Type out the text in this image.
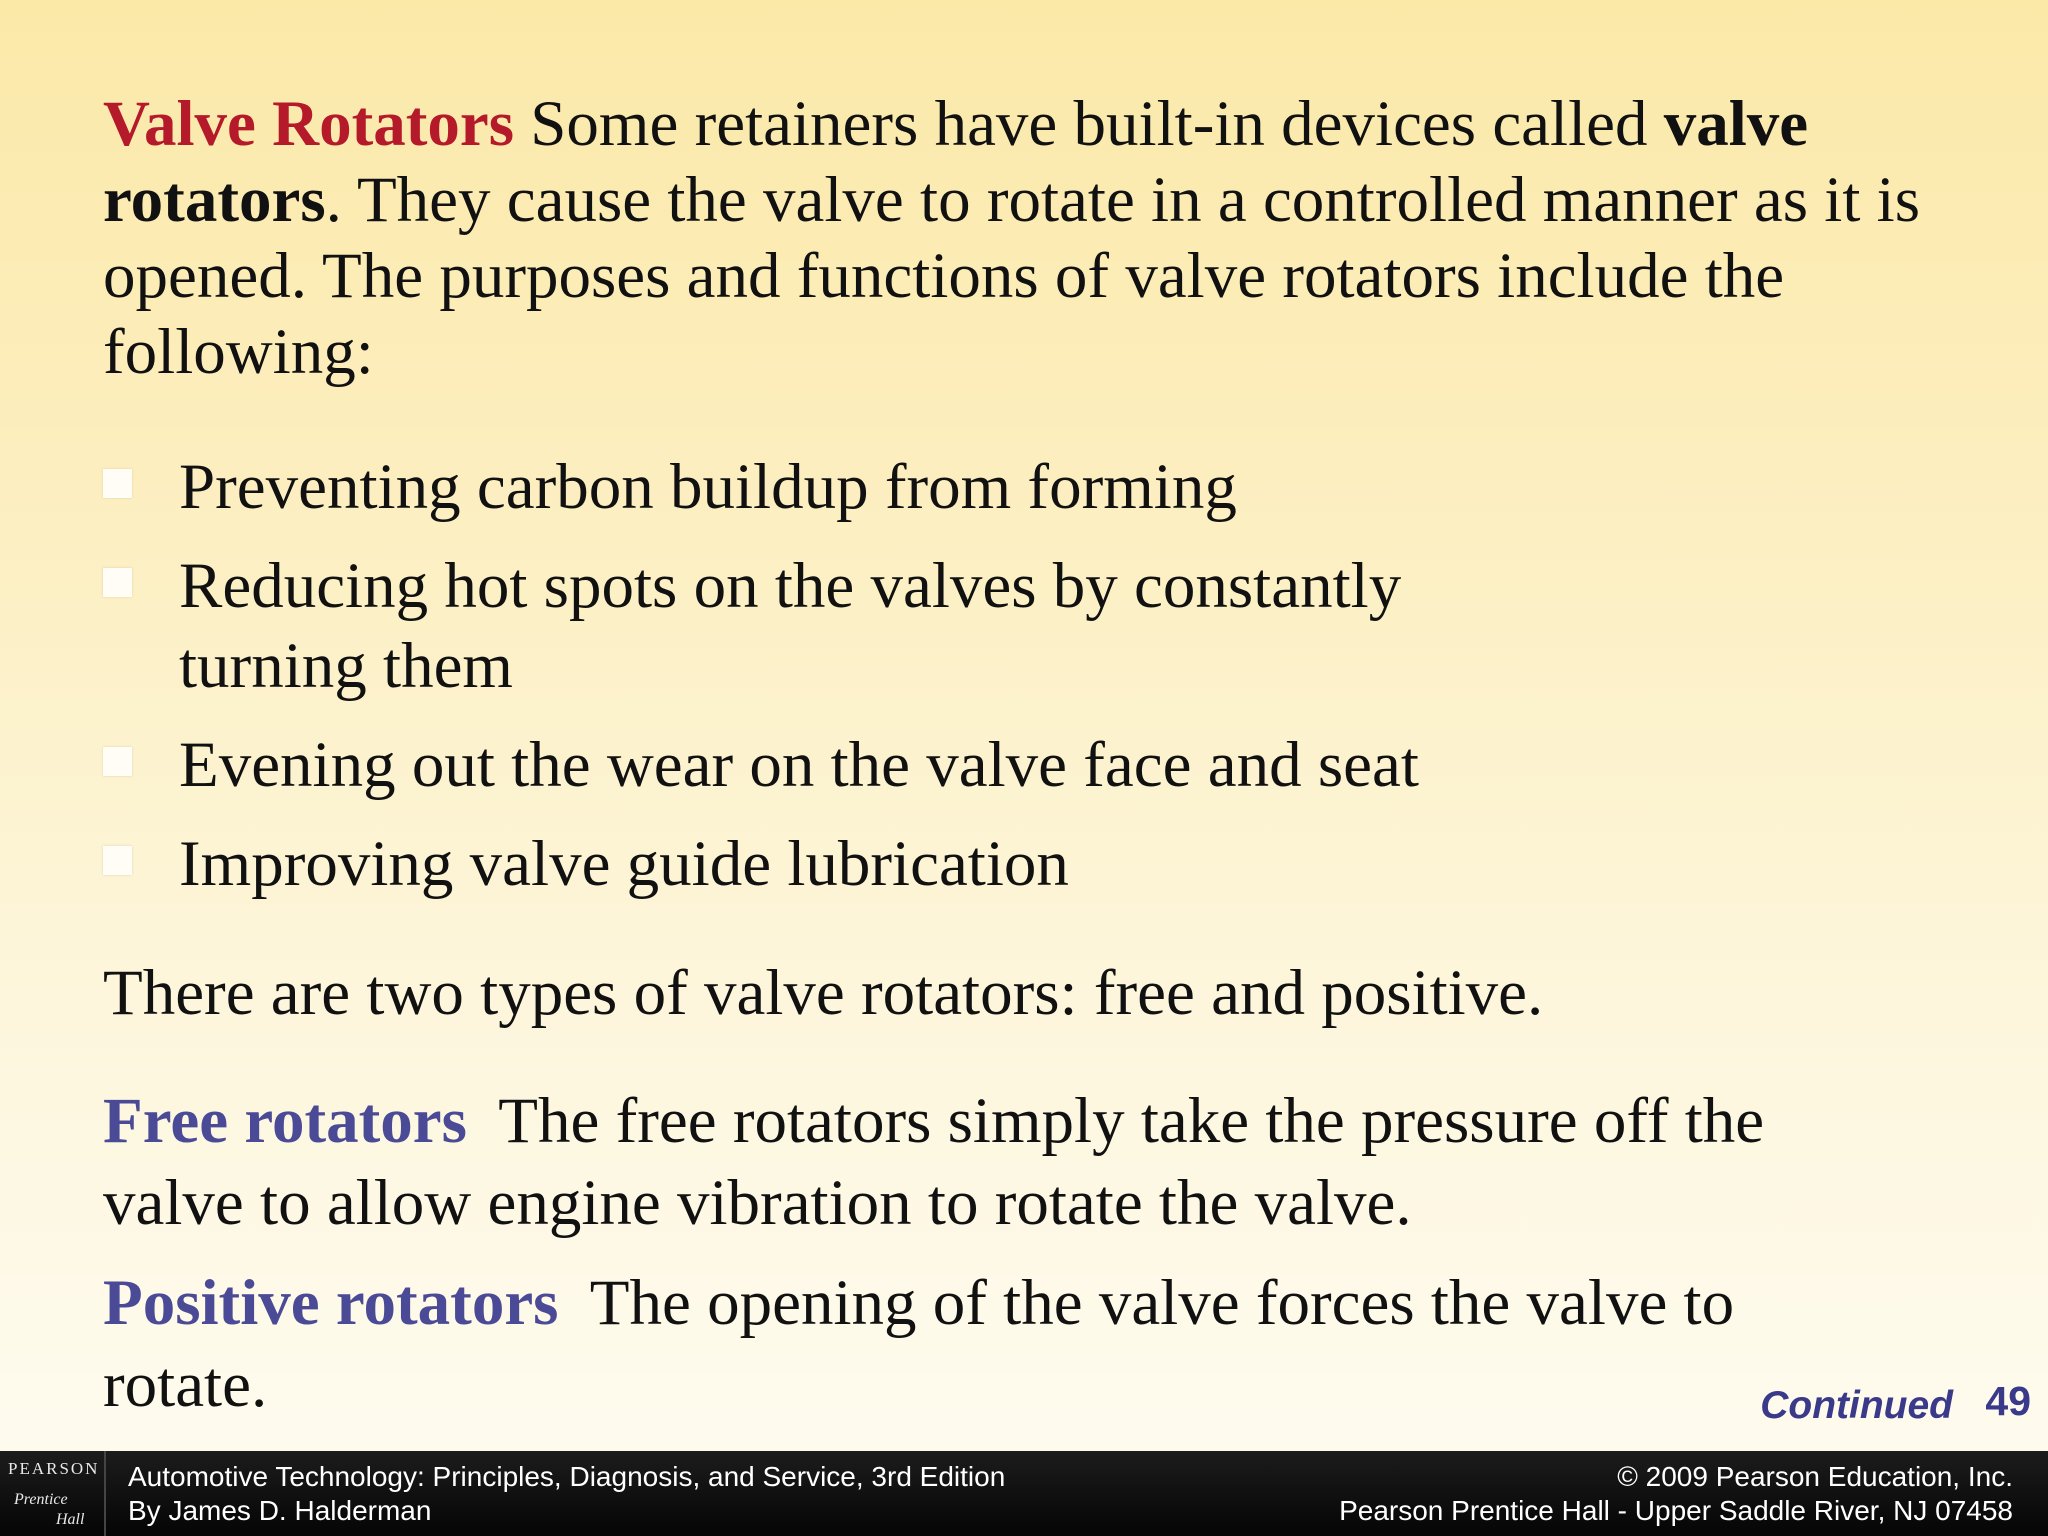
Valve Rotators Some retainers have built-in devices called valve rotators. They cause the valve to rotate in a controlled manner as it is opened. The purposes and functions of valve rotators include the following:

Preventing carbon buildup from forming
Reducing hot spots on the valves by constantly turning them
Evening out the wear on the valve face and seat
Improving valve guide lubrication

There are two types of valve rotators: free and positive.

Free rotators  The free rotators simply take the pressure off the valve to allow engine vibration to rotate the valve.

Positive rotators  The opening of the valve forces the valve to rotate.	Continued 49
PEARSON
Prentice
Hall
Automotive Technology: Principles, Diagnosis, and Service, 3rd Edition
By James D. Halderman
© 2009 Pearson Education, Inc.
Pearson Prentice Hall - Upper Saddle River, NJ 07458
